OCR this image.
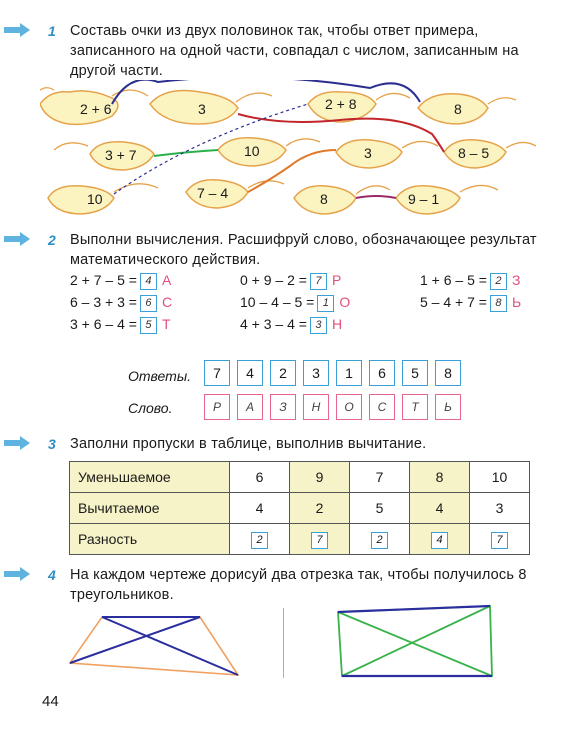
1 Составь очки из двух половинок так, чтобы ответ примера, записанного на одной части, совпадал с числом, записанным на другой части.
2 + 6	3	2 + 8	8
3 + 7	10	3	8 – 5
10	7 – 4	8	9 – 1
2 Выполни вычисления. Расшифруй слово, обозначающее результат математического действия.
2 + 7 – 5 = 4 А	0 + 9 – 2 = 7 Р	1 + 6 – 5 = 2 З
6 – 3 + 3 = 6 С	10 – 4 – 5 = 1 О	5 – 4 + 7 = 8 Ь
3 + 6 – 4 = 5 Т	4 + 3 – 4 = 3 Н
Ответы.	7	4	2	3	1	6	5	8
Слово.	Р	А	З	Н	О	С	Т	Ь
3 Заполни пропуски в таблице, выполнив вычитание.
Уменьшаемое	6	9	7	8	10
Вычитаемое	4	2	5	4	3
Разность	2	7	2	4	7
4 На каждом чертеже дорисуй два отрезка так, чтобы получилось 8 треугольников.
44
